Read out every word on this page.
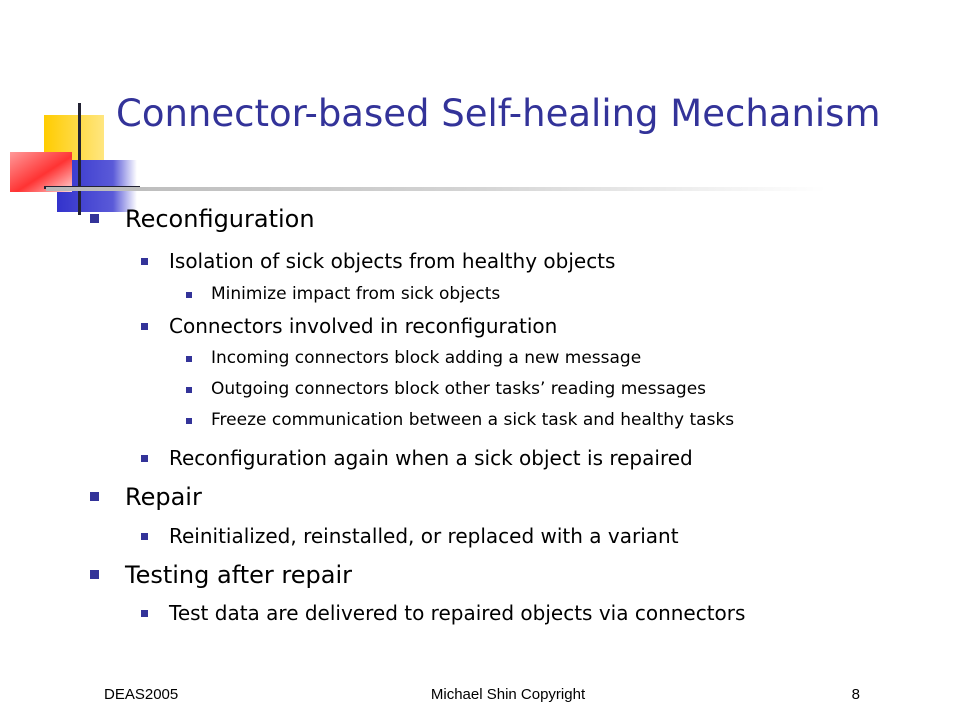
Connector-based Self-healing Mechanism
Reconfiguration
Isolation of sick objects from healthy objects
Minimize impact from sick objects
Connectors involved in reconfiguration
Incoming connectors block adding a new message
Outgoing connectors block other tasks’ reading messages
Freeze communication between a sick task and healthy tasks
Reconfiguration again when a sick object is repaired
Repair
Reinitialized, reinstalled, or replaced with a variant
Testing after repair
Test data are delivered to repaired objects via connectors
DEAS2005	Michael Shin Copyright	8
